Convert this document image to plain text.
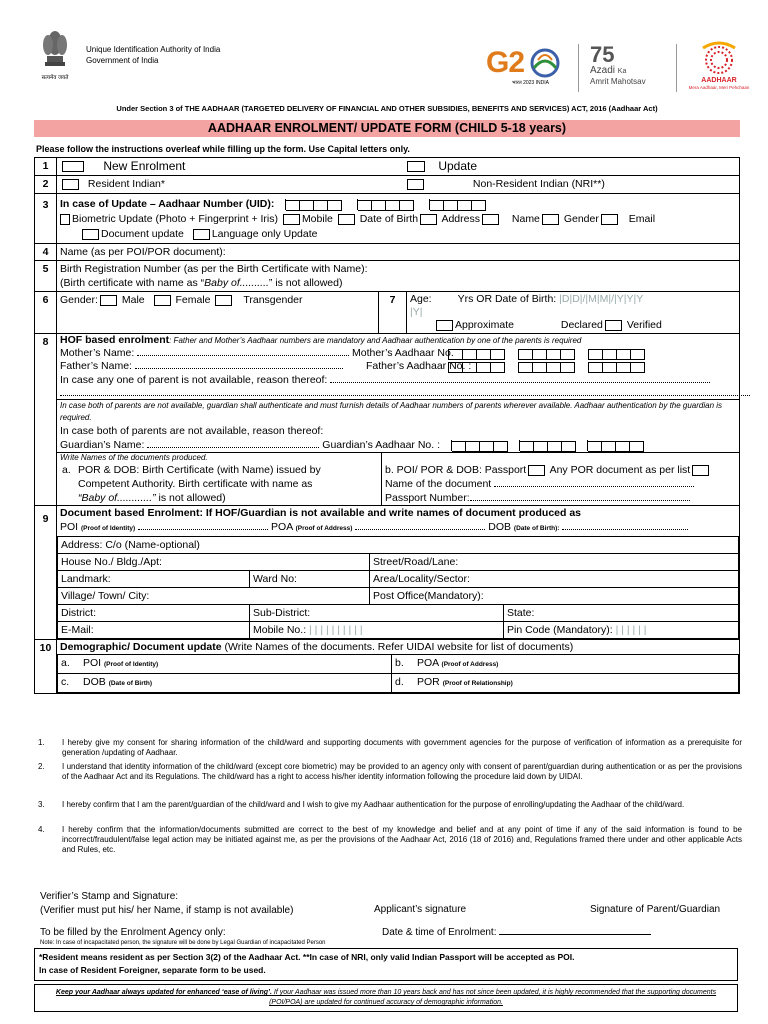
सत्यमेव जयते
Unique Identification Authority of India
Government of India	G2
भारत 2023 INDIA
75
Azadi Ka
Amrit Mahotsav	AADHAAR
Mera Aadhaar, Meri Pehchaan
Under Section 3 of THE AADHAAR (TARGETED DELIVERY OF FINANCIAL AND OTHER SUBSIDIES, BENEFITS AND SERVICES) ACT, 2016 (Aadhaar Act)
AADHAAR ENROLMENT/ UPDATE FORM (CHILD 5-18 years)
Please follow the instructions overleaf while filling up the form. Use Capital letters only.
1	New Enrolment	Update

2	Resident Indian*	Non-Resident Indian (NRI**)

3	In case of Update – Aadhaar Number (UID):
Biometric Update (Photo + Fingerprint + Iris) Mobile	Date of Birth Address	Name Gender	Email
Document update	Language only Update

4	Name (as per POI/POR document):
5	Birth Registration Number (as per the Birth Certificate with Name):
(Birth certificate with name as “Baby of..........” is not allowed)

6	Gender: Male	Female	Transgender	7	Age: Yrs OR Date of Birth: |D|D|/|M|M|/|Y|Y|Y
|Y|
Approximate	Declared Verified

8	HOF based enrolment: Father and Mother’s Aadhaar numbers are mandatory and Aadhaar authentication by one of the parents is required
Mother’s Name:	Mother’s Aadhaar No.

Father’s Name:	Father’s Aadhaar No. :

In case any one of parent is not available, reason thereof:
In case both of parents are not available, guardian shall authenticate and must furnish details of Aadhaar numbers of parents wherever available. Aadhaar authentication by the guardian is required.
In case both of parents are not available, reason thereof:
Guardian’s Name:	Guardian’s Aadhaar No. :
Write Names of the documents produced.
a. POR & DOB: Birth Certificate (with Name) issued by
Competent Authority. Birth certificate with name as
“Baby of............” is not allowed)
b. POI/ POR & DOB: Passport Any POR document as per list
Name of the document
Passport Number:

9	Document based Enrolment: If HOF/Guardian is not available and write names of document produced as
POI (Proof of Identity)	POA (Proof of Address)	DOB (Date of Birth):
Address: C/o (Name-optional)
House No./ Bldg./Apt:	Street/Road/Lane:
Landmark:	Ward No:	Area/Locality/Sector:
Village/ Town/ City:	Post Office(Mandatory):
District:	Sub-District:	State:
E-Mail:	Mobile No.: | | | | | | | | | |	Pin Code (Mandatory): | | | | | |

10	Demographic/ Document update (Write Names of the documents. Refer UIDAI website for list of documents)
a. POI (Proof of Identity)	b. POA (Proof of Address)
c. DOB (Date of Birth)	d. POR (Proof of Relationship)
1. I hereby give my consent for sharing information of the child/ward and supporting documents with government agencies for the purpose of verification of information as a prerequisite for generation /updating of Aadhaar.
2. I understand that identity information of the child/ward (except core biometric) may be provided to an agency only with consent of parent/guardian during authentication or as per the provisions of the Aadhaar Act and its Regulations. The child/ward has a right to access his/her identity information following the procedure laid down by UIDAI.
3. I hereby confirm that I am the parent/guardian of the child/ward and I wish to give my Aadhaar authentication for the purpose of enrolling/updating the Aadhaar of the child/ward.
4. I hereby confirm that the information/documents submitted are correct to the best of my knowledge and belief and at any point of time if any of the said information is found to be incorrect/fraudulent/false legal action may be initiated against me, as per the provisions of the Aadhaar Act, 2016 (18 of 2016) and, Regulations framed there under and other applicable Acts and Rules, etc.
Verifier’s Stamp and Signature:
(Verifier must put his/ her Name, if stamp is not available)	Applicant’s signature	Signature of Parent/Guardian
To be filled by the Enrolment Agency only:	Date & time of Enrolment:
Note: In case of incapacitated person, the signature will be done by Legal Guardian of incapacitated Person
*Resident means resident as per Section 3(2) of the Aadhaar Act. **In case of NRI, only valid Indian Passport will be accepted as POI.
In case of Resident Foreigner, separate form to be used.
Keep your Aadhaar always updated for enhanced ‘ease of living’. If your Aadhaar was issued more than 10 years back and has not since been updated, it is highly recommended that the supporting documents (POI/POA) are updated for continued accuracy of demographic information.
